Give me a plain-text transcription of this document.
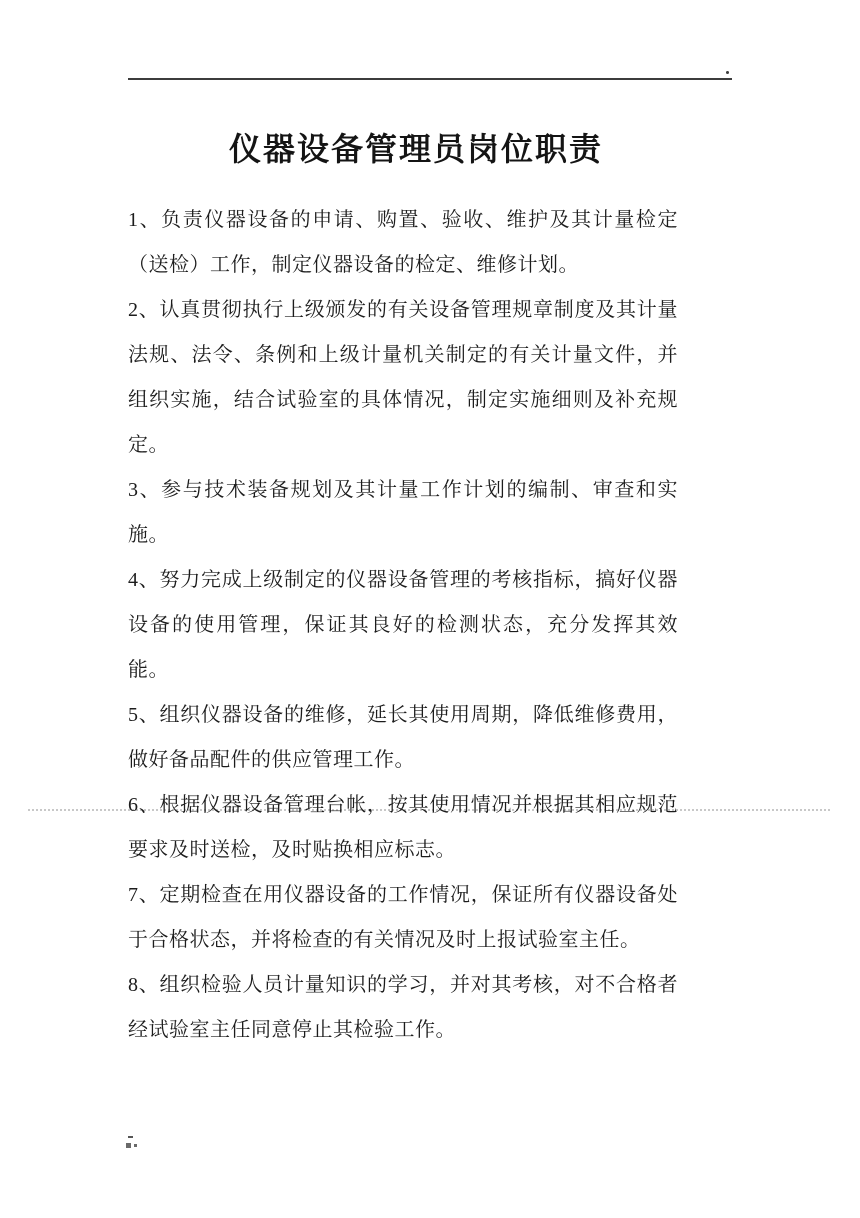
仪器设备管理员岗位职责

1、负责仪器设备的申请、购置、验收、维护及其计量检定（送检）工作，制定仪器设备的检定、维修计划。

2、认真贯彻执行上级颁发的有关设备管理规章制度及其计量法规、法令、条例和上级计量机关制定的有关计量文件，并组织实施，结合试验室的具体情况，制定实施细则及补充规定。

3、参与技术装备规划及其计量工作计划的编制、审查和实施。

4、努力完成上级制定的仪器设备管理的考核指标，搞好仪器设备的使用管理，保证其良好的检测状态，充分发挥其效能。

5、组织仪器设备的维修，延长其使用周期，降低维修费用，做好备品配件的供应管理工作。

6、根据仪器设备管理台帐，按其使用情况并根据其相应规范要求及时送检，及时贴换相应标志。

7、定期检查在用仪器设备的工作情况，保证所有仪器设备处于合格状态，并将检查的有关情况及时上报试验室主任。

8、组织检验人员计量知识的学习，并对其考核，对不合格者经试验室主任同意停止其检验工作。
